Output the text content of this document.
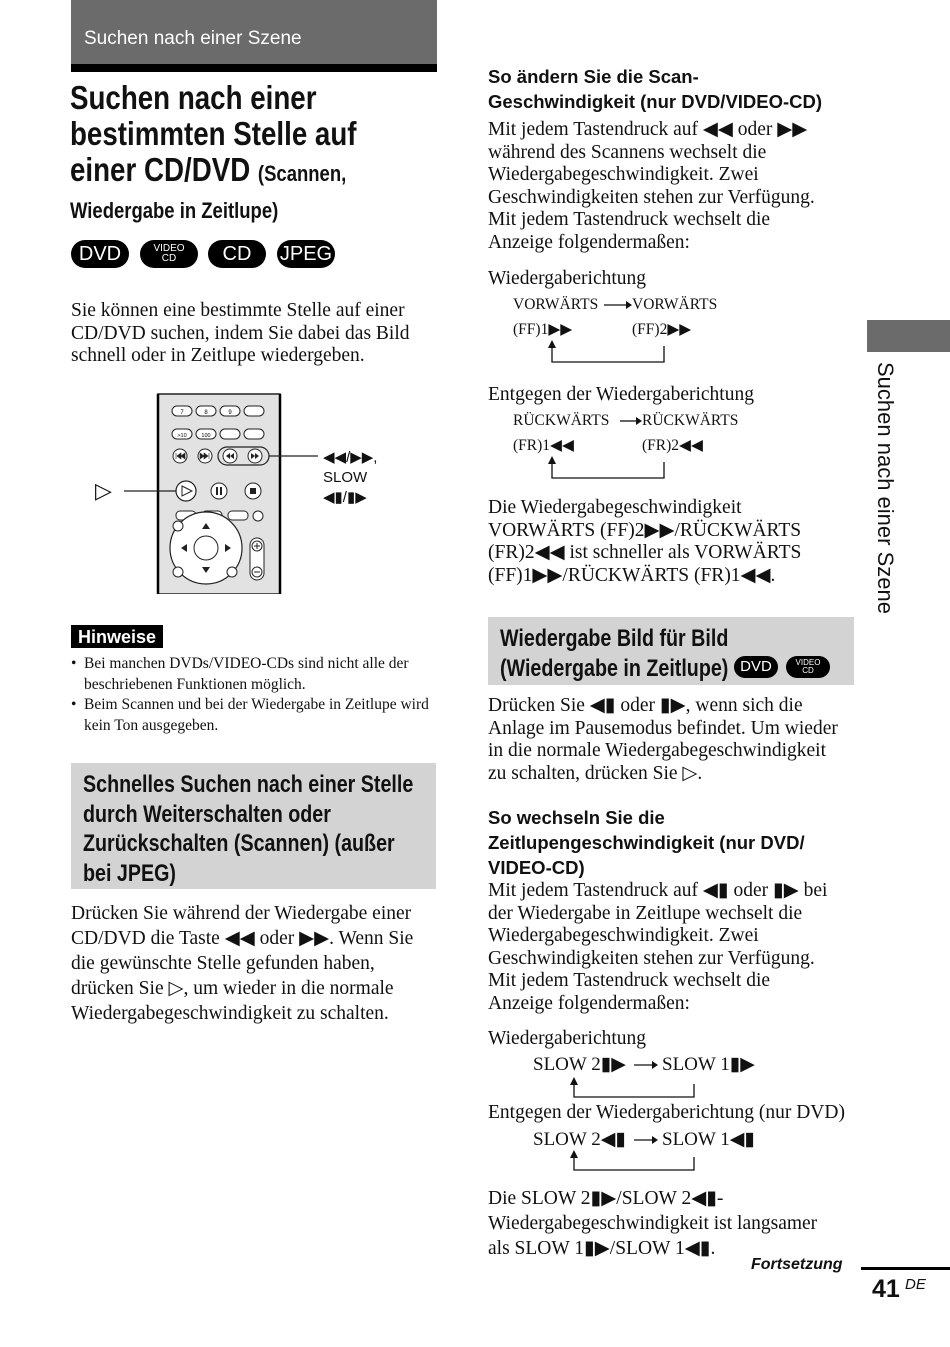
Suchen nach einer Szene
Suchen nach einer
bestimmten Stelle auf
einer CD/DVD (Scannen,
Wiedergabe in Zeitlupe)
DVD	VIDEO
CD	CD	JPEG
Sie können eine bestimmte Stelle auf einer
CD/DVD suchen, indem Sie dabei das Bild
schnell oder in Zeitlupe wiedergeben.
7	8	9
>10	100
▷
◀◀/▶▶,
SLOW
◀▮/▮▶
Hinweise
• Bei manchen DVDs/VIDEO-CDs sind nicht alle der beschriebenen Funktionen möglich.
• Beim Scannen und bei der Wiedergabe in Zeitlupe wird kein Ton ausgegeben.
Schnelles Suchen nach einer Stelle
durch Weiterschalten oder
Zurückschalten (Scannen) (außer
bei JPEG)
Drücken Sie während der Wiedergabe einer
CD/DVD die Taste ◀◀ oder ▶▶. Wenn Sie
die gewünschte Stelle gefunden haben,
drücken Sie ▷, um wieder in die normale
Wiedergabegeschwindigkeit zu schalten.
So ändern Sie die Scan-
Geschwindigkeit (nur DVD/VIDEO-CD)
Mit jedem Tastendruck auf ◀◀ oder ▶▶
während des Scannens wechselt die
Wiedergabegeschwindigkeit. Zwei
Geschwindigkeiten stehen zur Verfügung.
Mit jedem Tastendruck wechselt die
Anzeige folgendermaßen:
Wiedergaberichtung
VORWÄRTS VORWÄRTS
(FF)1▶▶	(FF)2▶▶
Entgegen der Wiedergaberichtung
RÜCKWÄRTS RÜCKWÄRTS
(FR)1◀◀	(FR)2◀◀
Die Wiedergabegeschwindigkeit
VORWÄRTS (FF)2▶▶/RÜCKWÄRTS
(FR)2◀◀ ist schneller als VORWÄRTS
(FF)1▶▶/RÜCKWÄRTS (FR)1◀◀.
Wiedergabe Bild für Bild
(Wiedergabe in Zeitlupe) DVD	VIDEO
CD
Drücken Sie ◀▮ oder ▮▶, wenn sich die
Anlage im Pausemodus befindet. Um wieder
in die normale Wiedergabegeschwindigkeit
zu schalten, drücken Sie ▷.
So wechseln Sie die
Zeitlupengeschwindigkeit (nur DVD/
VIDEO-CD)
Mit jedem Tastendruck auf ◀▮ oder ▮▶ bei
der Wiedergabe in Zeitlupe wechselt die
Wiedergabegeschwindigkeit. Zwei
Geschwindigkeiten stehen zur Verfügung.
Mit jedem Tastendruck wechselt die
Anzeige folgendermaßen:
Wiedergaberichtung
SLOW 2▮▶ SLOW 1▮▶
Entgegen der Wiedergaberichtung (nur DVD)
SLOW 2◀▮ SLOW 1◀▮
Die SLOW 2▮▶/SLOW 2◀▮-
Wiedergabegeschwindigkeit ist langsamer
als SLOW 1▮▶/SLOW 1◀▮.
Suchen nach einer Szene
Fortsetzung
41 DE
